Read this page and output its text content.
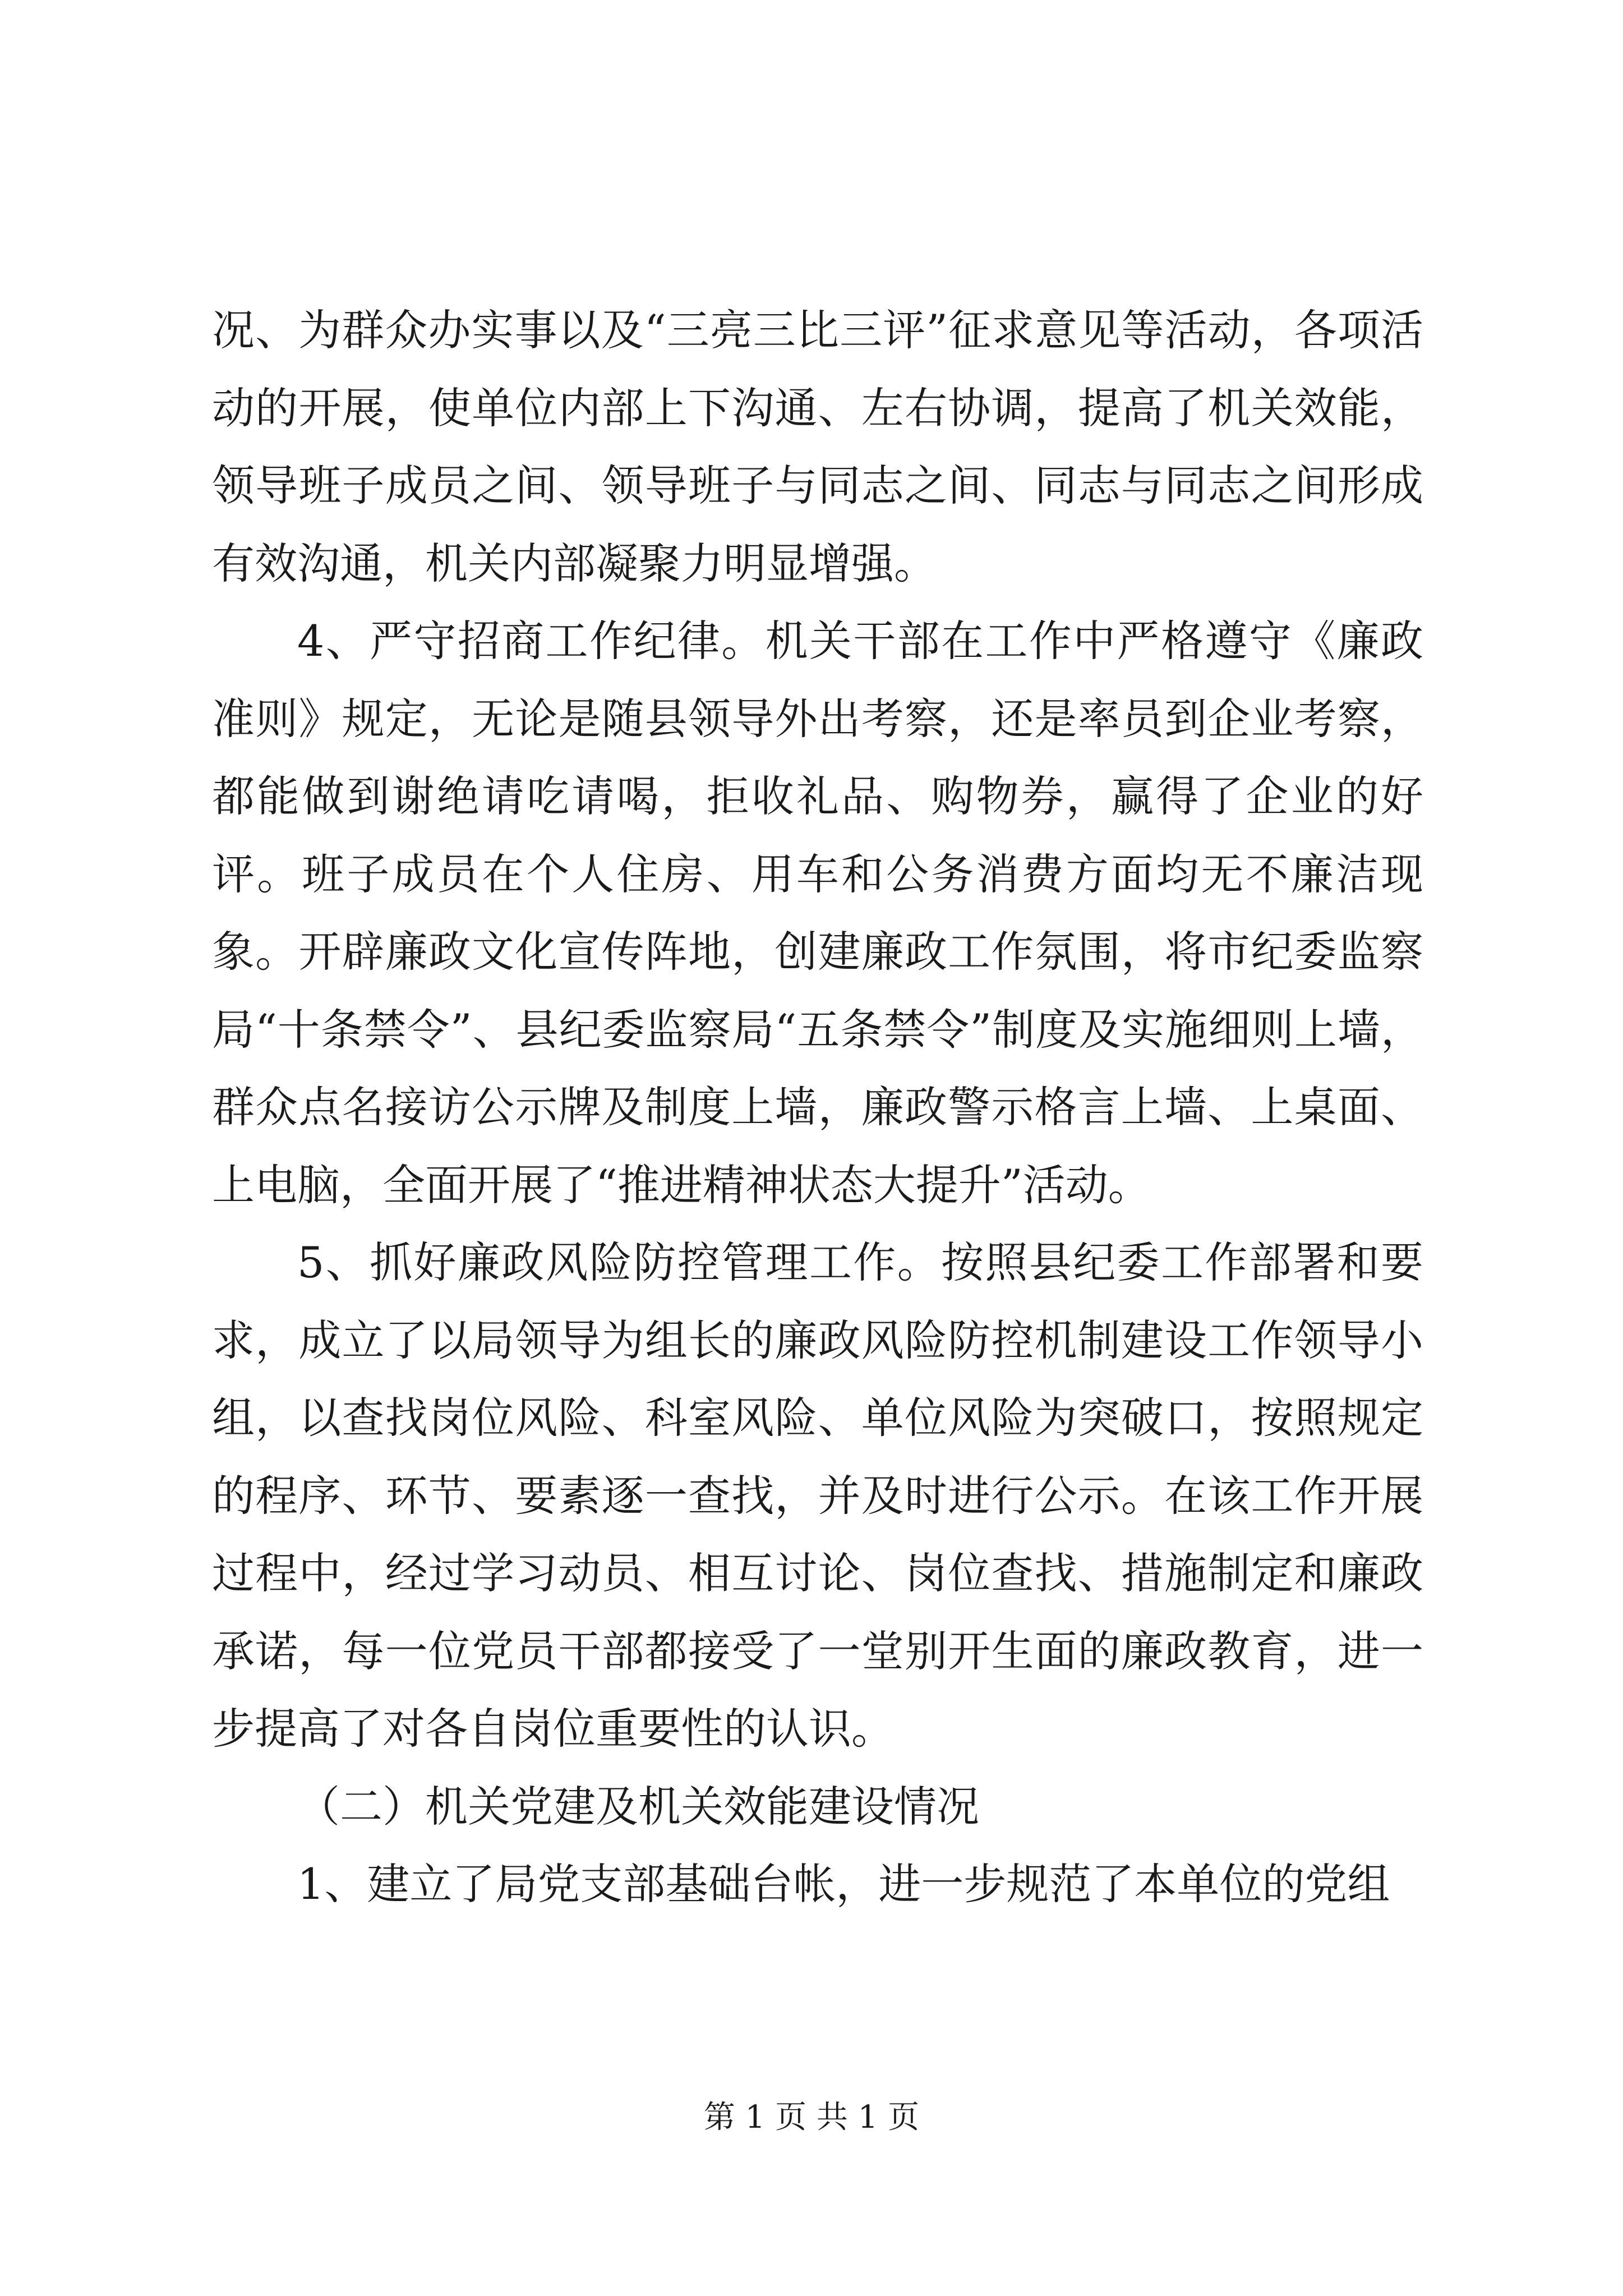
况、为群众办实事以及“三亮三比三评”征求意见等活动，各项活动的开展，使单位内部上下沟通、左右协调，提高了机关效能，领导班子成员之间、领导班子与同志之间、同志与同志之间形成有效沟通，机关内部凝聚力明显增强。

4、严守招商工作纪律。机关干部在工作中严格遵守《廉政准则》规定，无论是随县领导外出考察，还是率员到企业考察，都能做到谢绝请吃请喝，拒收礼品、购物券，赢得了企业的好评。班子成员在个人住房、用车和公务消费方面均无不廉洁现象。开辟廉政文化宣传阵地，创建廉政工作氛围，将市纪委监察局“十条禁令”、县纪委监察局“五条禁令”制度及实施细则上墙，群众点名接访公示牌及制度上墙，廉政警示格言上墙、上桌面、上电脑，全面开展了“推进精神状态大提升”活动。

5、抓好廉政风险防控管理工作。按照县纪委工作部署和要求，成立了以局领导为组长的廉政风险防控机制建设工作领导小组，以查找岗位风险、科室风险、单位风险为突破口，按照规定的程序、环节、要素逐一查找，并及时进行公示。在该工作开展过程中，经过学习动员、相互讨论、岗位查找、措施制定和廉政承诺，每一位党员干部都接受了一堂别开生面的廉政教育，进一步提高了对各自岗位重要性的认识。

（二）机关党建及机关效能建设情况

1、建立了局党支部基础台帐，进一步规范了本单位的党组

第 1 页 共 1 页
